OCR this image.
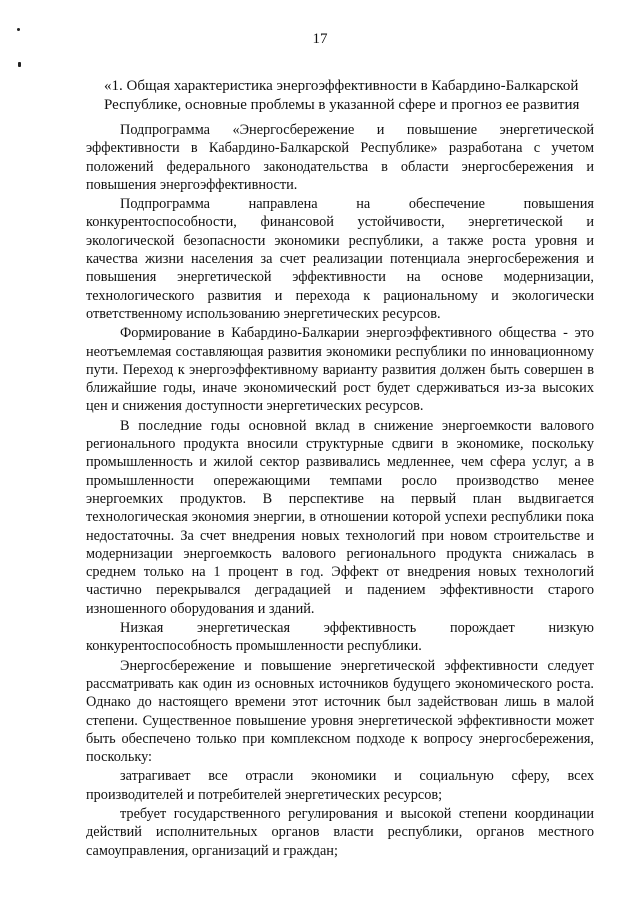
17
«1. Общая характеристика энергоэффективности в Кабардино-Балкарской
Республике, основные проблемы в указанной сфере и прогноз ее развития

Подпрограмма «Энергосбережение и повышение энергетической эффективности в Кабардино-Балкарской Республике» разработана с учетом положений федерального законодательства в области энергосбережения и повышения энергоэффективности.

Подпрограмма направлена на обеспечение повышения конкурентоспособности, финансовой устойчивости, энергетической и экологической безопасности экономики республики, а также роста уровня и качества жизни населения за счет реализации потенциала энергосбережения и повышения энергетической эффективности на основе модернизации, технологического развития и перехода к рациональному и экологически ответственному использованию энергетических ресурсов.

Формирование в Кабардино-Балкарии энергоэффективного общества - это неотъемлемая составляющая развития экономики республики по инновационному пути. Переход к энергоэффективному варианту развития должен быть совершен в ближайшие годы, иначе экономический рост будет сдерживаться из-за высоких цен и снижения доступности энергетических ресурсов.

В последние годы основной вклад в снижение энергоемкости валового регионального продукта вносили структурные сдвиги в экономике, поскольку промышленность и жилой сектор развивались медленнее, чем сфера услуг, а в промышленности опережающими темпами росло производство менее энергоемких продуктов. В перспективе на первый план выдвигается технологическая экономия энергии, в отношении которой успехи республики пока недостаточны. За счет внедрения новых технологий при новом строительстве и модернизации энергоемкость валового регионального продукта снижалась в среднем только на 1 процент в год. Эффект от внедрения новых технологий частично перекрывался деградацией и падением эффективности старого изношенного оборудования и зданий.

Низкая энергетическая эффективность порождает низкую конкурентоспособность промышленности республики.

Энергосбережение и повышение энергетической эффективности следует рассматривать как один из основных источников будущего экономического роста. Однако до настоящего времени этот источник был задействован лишь в малой степени. Существенное повышение уровня энергетической эффективности может быть обеспечено только при комплексном подходе к вопросу энергосбережения, поскольку:

затрагивает все отрасли экономики и социальную сферу, всех производителей и потребителей энергетических ресурсов;

требует государственного регулирования и высокой степени координации действий исполнительных органов власти республики, органов местного самоуправления, организаций и граждан;
